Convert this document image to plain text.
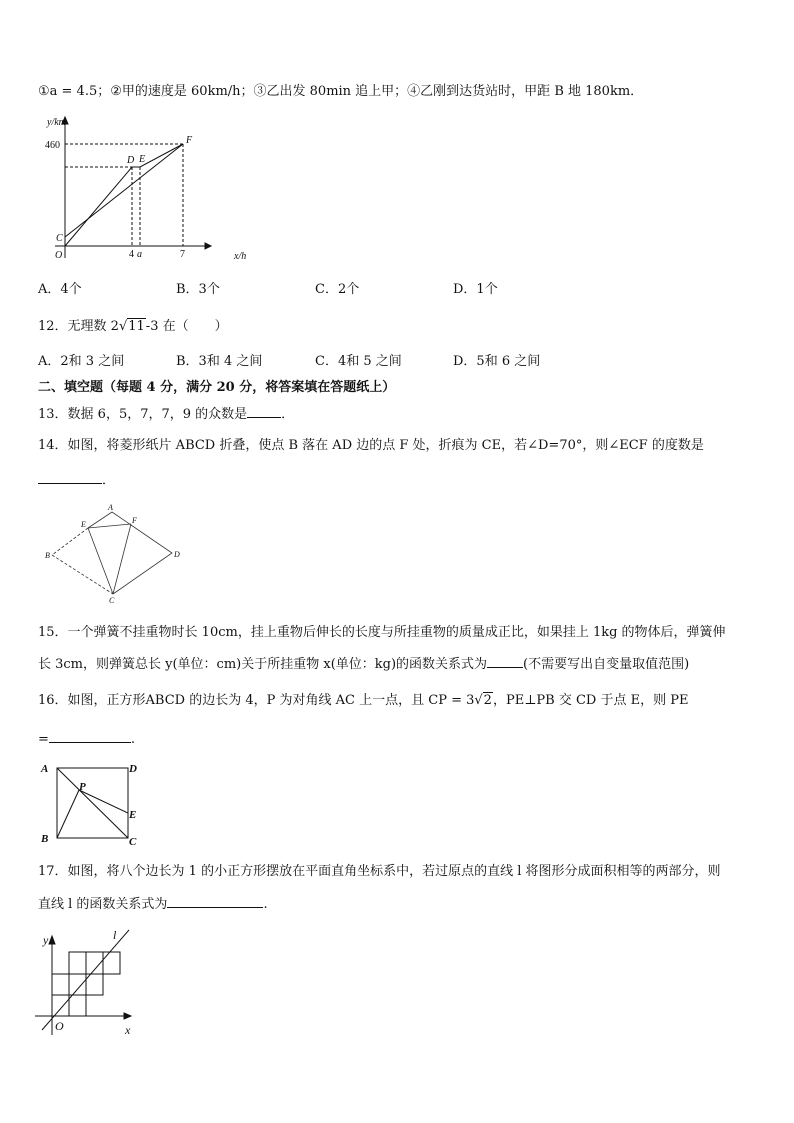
①a = 4.5；②甲的速度是 60km/h；③乙出发 80min 追上甲；④乙刚到达货站时，甲距 B 地 180km．
y/km
460
4 a	7	x/h
O
C
D E
F
A
B
C
D
E	F
A
B	C
D
P
E
y
x
O
l
A．4个	B．3个	C．2个	D．1个
12．无理数 2√11-3 在（　　）
A．2和 3 之间	B．3和 4 之间	C．4和 5 之间	D．5和 6 之间
二、填空题（每题 4 分，满分 20 分，将答案填在答题纸上）
13．数据 6，5，7，7，9 的众数是	．
14．如图，将菱形纸片 ABCD 折叠，使点 B 落在 AD 边的点 F 处，折痕为 CE，若∠D=70°，则∠ECF 的度数是
．
15．一个弹簧不挂重物时长 10cm，挂上重物后伸长的长度与所挂重物的质量成正比，如果挂上 1kg 的物体后，弹簧伸
长 3cm，则弹簧总长 y(单位：cm)关于所挂重物 x(单位：kg)的函数关系式为	(不需要写出自变量取值范围)
16．如图，正方形ABCD 的边长为 4，P 为对角线 AC 上一点，且 CP = 3√2，PE⊥PB 交 CD 于点 E，则 PE
=	.
17．如图，将八个边长为 1 的小正方形摆放在平面直角坐标系中，若过原点的直线 l 将图形分成面积相等的两部分，则
直线 l 的函数关系式为	.
